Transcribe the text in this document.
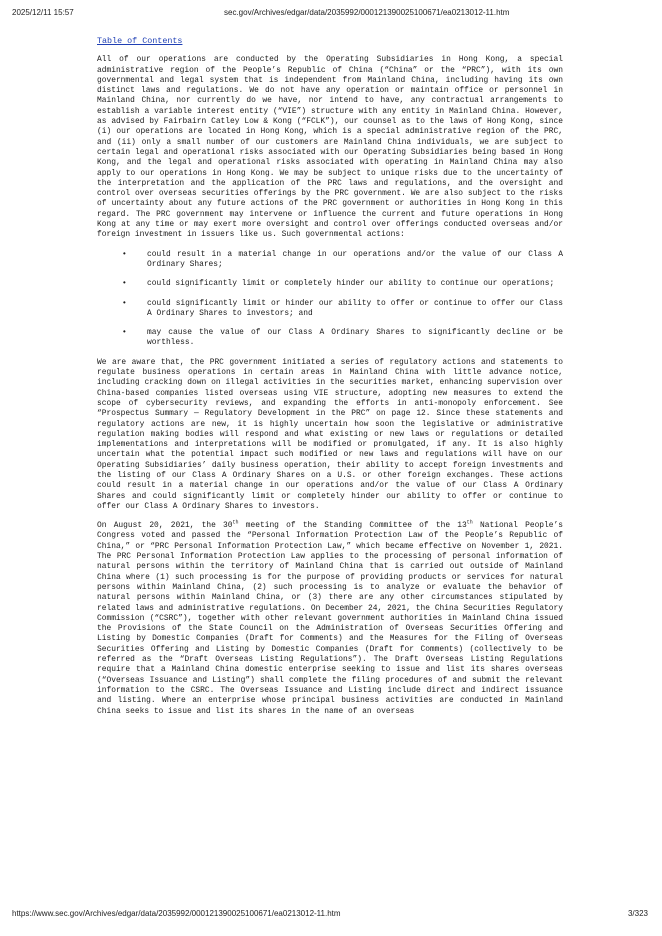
2025/12/11 15:57	sec.gov/Archives/edgar/data/2035992/000121390025100671/ea0213012-11.htm
Table of Contents

All of our operations are conducted by the Operating Subsidiaries in Hong Kong, a special administrative region of the People’s Republic of China (“China” or the “PRC”), with its own governmental and legal system that is independent from Mainland China, including having its own distinct laws and regulations. We do not have any operation or maintain office or personnel in Mainland China, nor currently do we have, nor intend to have, any contractual arrangements to establish a variable interest entity (“VIE”) structure with any entity in Mainland China. However, as advised by Fairbairn Catley Low & Kong (“FCLK”), our counsel as to the laws of Hong Kong, since (i) our operations are located in Hong Kong, which is a special administrative region of the PRC, and (ii) only a small number of our customers are Mainland China individuals, we are subject to certain legal and operational risks associated with our Operating Subsidiaries being based in Hong Kong, and the legal and operational risks associated with operating in Mainland China may also apply to our operations in Hong Kong. We may be subject to unique risks due to the uncertainty of the interpretation and the application of the PRC laws and regulations, and the oversight and control over overseas securities offerings by the PRC government. We are also subject to the risks of uncertainty about any future actions of the PRC government or authorities in Hong Kong in this regard. The PRC government may intervene or influence the current and future operations in Hong Kong at any time or may exert more oversight and control over offerings conducted overseas and/or foreign investment in issuers like us. Such governmental actions:

•	could result in a material change in our operations and/or the value of our Class A Ordinary Shares;
•	could significantly limit or completely hinder our ability to continue our operations;
•	could significantly limit or hinder our ability to offer or continue to offer our Class A Ordinary Shares to investors; and
•	may cause the value of our Class A Ordinary Shares to significantly decline or be worthless.

We are aware that, the PRC government initiated a series of regulatory actions and statements to regulate business operations in certain areas in Mainland China with little advance notice, including cracking down on illegal activities in the securities market, enhancing supervision over China-based companies listed overseas using VIE structure, adopting new measures to extend the scope of cybersecurity reviews, and expanding the efforts in anti-monopoly enforcement. See “Prospectus Summary — Regulatory Development in the PRC” on page 12. Since these statements and regulatory actions are new, it is highly uncertain how soon the legislative or administrative regulation making bodies will respond and what existing or new laws or regulations or detailed implementations and interpretations will be modified or promulgated, if any. It is also highly uncertain what the potential impact such modified or new laws and regulations will have on our Operating Subsidiaries’ daily business operation, their ability to accept foreign investments and the listing of our Class A Ordinary Shares on a U.S. or other foreign exchanges. These actions could result in a material change in our operations and/or the value of our Class A Ordinary Shares and could significantly limit or completely hinder our ability to offer or continue to offer our Class A Ordinary Shares to investors.

On August 20, 2021, the 30th meeting of the Standing Committee of the 13th National People’s Congress voted and passed the “Personal Information Protection Law of the People’s Republic of China,” or “PRC Personal Information Protection Law,” which became effective on November 1, 2021. The PRC Personal Information Protection Law applies to the processing of personal information of natural persons within the territory of Mainland China that is carried out outside of Mainland China where (1) such processing is for the purpose of providing products or services for natural persons within Mainland China, (2) such processing is to analyze or evaluate the behavior of natural persons within Mainland China, or (3) there are any other circumstances stipulated by related laws and administrative regulations. On December 24, 2021, the China Securities Regulatory Commission (“CSRC”), together with other relevant government authorities in Mainland China issued the Provisions of the State Council on the Administration of Overseas Securities Offering and Listing by Domestic Companies (Draft for Comments) and the Measures for the Filing of Overseas Securities Offering and Listing by Domestic Companies (Draft for Comments) (collectively to be referred as the “Draft Overseas Listing Regulations”). The Draft Overseas Listing Regulations require that a Mainland China domestic enterprise seeking to issue and list its shares overseas (“Overseas Issuance and Listing”) shall complete the filing procedures of and submit the relevant information to the CSRC. The Overseas Issuance and Listing include direct and indirect issuance and listing. Where an enterprise whose principal business activities are conducted in Mainland China seeks to issue and list its shares in the name of an overseas

https://www.sec.gov/Archives/edgar/data/2035992/000121390025100671/ea0213012-11.htm	3/323
